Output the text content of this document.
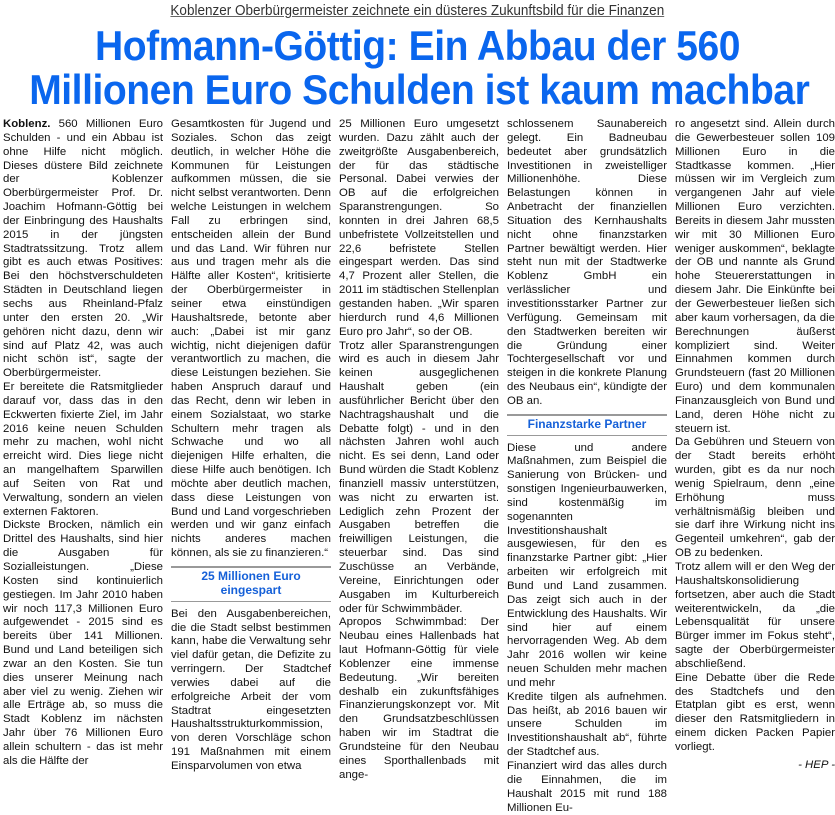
Koblenzer Oberbürgermeister zeichnete ein düsteres Zukunftsbild für die Finanzen
Hofmann-Göttig: Ein Abbau der 560
Millionen Euro Schulden ist kaum machbar

Koblenz. 560 Millionen Euro Schulden - und ein Abbau ist ohne Hilfe nicht möglich. Dieses düstere Bild zeichnete der Koblenzer Oberbürgermeister Prof. Dr. Joachim Hofmann-Göttig bei der Einbringung des Haushalts 2015 in der jüngsten Stadtratssitzung. Trotz allem gibt es auch etwas Positives: Bei den höchstverschuldeten Städten in Deutschland liegen sechs aus Rheinland-Pfalz unter den ersten 20. „Wir gehören nicht dazu, denn wir sind auf Platz 42, was auch nicht schön ist“, sagte der Oberbürgermeister.

Er bereitete die Ratsmitglieder darauf vor, dass das in den Eckwerten fixierte Ziel, im Jahr 2016 keine neuen Schulden mehr zu machen, wohl nicht erreicht wird. Dies liege nicht an mangelhaftem Sparwillen auf Seiten von Rat und Verwaltung, sondern an vielen externen Faktoren.

Dickste Brocken, nämlich ein Drittel des Haushalts, sind hier die Ausgaben für Sozialleistungen. „Diese Kosten sind kontinuierlich gestiegen. Im Jahr 2010 haben wir noch 117,3 Millionen Euro aufgewendet - 2015 sind es bereits über 141 Millionen. Bund und Land beteiligen sich zwar an den Kosten. Sie tun dies unserer Meinung nach aber viel zu wenig. Ziehen wir alle Erträge ab, so muss die Stadt Koblenz im nächsten Jahr über 76 Millionen Euro allein schultern - das ist mehr als die Hälfte der

Gesamtkosten für Jugend und Soziales. Schon das zeigt deutlich, in welcher Höhe die Kommunen für Leistungen aufkommen müssen, die sie nicht selbst verantworten. Denn welche Leistungen in welchem Fall zu erbringen sind, entscheiden allein der Bund und das Land. Wir führen nur aus und tragen mehr als die Hälfte aller Kosten“, kritisierte der Oberbürgermeister in seiner etwa einstündigen Haushaltsrede, betonte aber auch: „Dabei ist mir ganz wichtig, nicht diejenigen dafür verantwortlich zu machen, die diese Leistungen beziehen. Sie haben Anspruch darauf und das Recht, denn wir leben in einem Sozialstaat, wo starke Schultern mehr tragen als Schwache und wo all diejenigen Hilfe erhalten, die diese Hilfe auch benötigen. Ich möchte aber deutlich machen, dass diese Leistungen von Bund und Land vorgeschrieben werden und wir ganz einfach nichts anderes machen können, als sie zu finanzieren.“

25 Millionen Euro eingespart

Bei den Ausgabenbereichen, die die Stadt selbst bestimmen kann, habe die Verwaltung sehr viel dafür getan, die Defizite zu verringern. Der Stadtchef verwies dabei auf die erfolgreiche Arbeit der vom Stadtrat eingesetzten Haushaltsstrukturkommission, von deren Vorschläge schon 191 Maßnahmen mit einem Einsparvolumen von etwa

25 Millionen Euro umgesetzt wurden. Dazu zählt auch der zweitgrößte Ausgabenbereich, der für das städtische Personal. Dabei verwies der OB auf die erfolgreichen Sparanstrengungen. So konnten in drei Jahren 68,5 unbefristete Vollzeitstellen und 22,6 befristete Stellen eingespart werden. Das sind 4,7 Prozent aller Stellen, die 2011 im städtischen Stellenplan gestanden haben. „Wir sparen hierdurch rund 4,6 Millionen Euro pro Jahr“, so der OB.

Trotz aller Sparanstrengungen wird es auch in diesem Jahr keinen ausgeglichenen Haushalt geben (ein ausführlicher Bericht über den Nachtragshaushalt und die Debatte folgt) - und in den nächsten Jahren wohl auch nicht. Es sei denn, Land oder Bund würden die Stadt Koblenz finanziell massiv unterstützen, was nicht zu erwarten ist. Lediglich zehn Prozent der Ausgaben betreffen die freiwilligen Leistungen, die steuerbar sind. Das sind Zuschüsse an Verbände, Vereine, Einrichtungen oder Ausgaben im Kulturbereich oder für Schwimmbäder.

Apropos Schwimmbad: Der Neubau eines Hallenbads hat laut Hofmann-Göttig für viele Koblenzer eine immense Bedeutung. „Wir bereiten deshalb ein zukunftsfähiges Finanzierungskonzept vor. Mit den Grundsatzbeschlüssen haben wir im Stadtrat die Grundsteine für den Neubau eines Sporthallenbads mit ange-

schlossenem Saunabereich gelegt. Ein Badneubau bedeutet aber grundsätzlich Investitionen in zweistelliger Millionenhöhe. Diese Belastungen können in Anbetracht der finanziellen Situation des Kernhaushalts nicht ohne finanzstarken Partner bewältigt werden. Hier steht nun mit der Stadtwerke Koblenz GmbH ein verlässlicher und investitionsstarker Partner zur Verfügung. Gemeinsam mit den Stadtwerken bereiten wir die Gründung einer Tochtergesellschaft vor und steigen in die konkrete Planung des Neubaus ein“, kündigte der OB an.

Finanzstarke Partner

Diese und andere Maßnahmen, zum Beispiel die Sanierung von Brücken- und sonstigen Ingenieurbauwerken, sind kostenmäßig im sogenannten Investitionshaushalt ausgewiesen, für den es finanzstarke Partner gibt: „Hier arbeiten wir erfolgreich mit Bund und Land zusammen. Das zeigt sich auch in der Entwicklung des Haushalts. Wir sind hier auf einem hervorragenden Weg. Ab dem Jahr 2016 wollen wir keine neuen Schulden mehr machen und mehr

Kredite tilgen als aufnehmen. Das heißt, ab 2016 bauen wir unsere Schulden im Investitionshaushalt ab“, führte der Stadtchef aus.

Finanziert wird das alles durch die Einnahmen, die im Haushalt 2015 mit rund 188 Millionen Eu-

ro angesetzt sind. Allein durch die Gewerbesteuer sollen 109 Millionen Euro in die Stadtkasse kommen. „Hier müssen wir im Vergleich zum vergangenen Jahr auf viele Millionen Euro verzichten. Bereits in diesem Jahr mussten wir mit 30 Millionen Euro weniger auskommen“, beklagte der OB und nannte als Grund hohe Steuererstattungen in diesem Jahr. Die Einkünfte bei der Gewerbesteuer ließen sich aber kaum vorhersagen, da die Berechnungen äußerst kompliziert sind. Weiter Einnahmen kommen durch Grundsteuern (fast 20 Millionen Euro) und dem kommunalen Finanzausgleich von Bund und Land, deren Höhe nicht zu steuern ist.

Da Gebühren und Steuern von der Stadt bereits erhöht wurden, gibt es da nur noch wenig Spielraum, denn „eine Erhöhung muss verhältnismäßig bleiben und sie darf ihre Wirkung nicht ins Gegenteil umkehren“, gab der OB zu bedenken.

Trotz allem will er den Weg der Haushaltskonsolidierung fortsetzen, aber auch die Stadt weiterentwickeln, da „die Lebensqualität für unsere Bürger immer im Fokus steht“, sagte der Oberbürgermeister abschließend.

Eine Debatte über die Rede des Stadtchefs und den Etatplan gibt es erst, wenn dieser den Ratsmitgliedern in einem dicken Packen Papier vorliegt.

- HEP -
